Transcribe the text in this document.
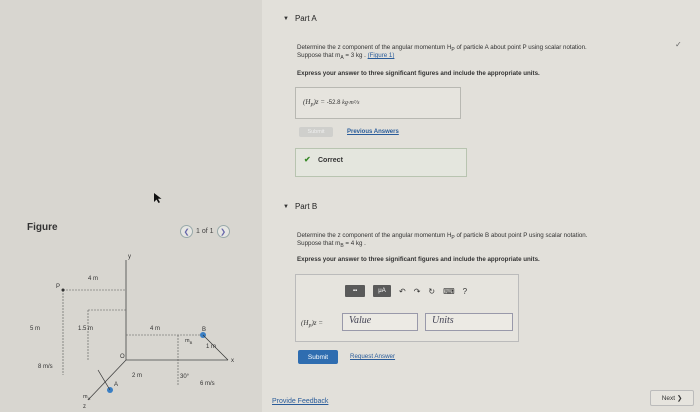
Figure	❮ 1 of 1 ❯
4 m
y
P
5 m	1.5 m	4 m	B
$m_B$
1 m
x
O
8 m/s
2 m	30°
6 m/s
$m_A$
A
z
✓
▼ Part A
Determine the z component of the angular momentum $H_P$ of particle A about point P using scalar notation.
Suppose that $m_A = 3$ kg . (Figure 1)
Express your answer to three significant figures and include the appropriate units.
$(H_P)z = -52.8$ kg·m²/s
Submit	Previous Answers
✔ Correct
▼ Part B
Determine the z component of the angular momentum $H_P$ of particle B about point P using scalar notation.
Suppose that $m_B = 4$ kg .
Express your answer to three significant figures and include the appropriate units.
▪▪	μA	↶ ↷ ↻ ⌨ ?
$(H_P)z$ =	Value	Units
Submit	Request Answer
Provide Feedback	Next ❯
